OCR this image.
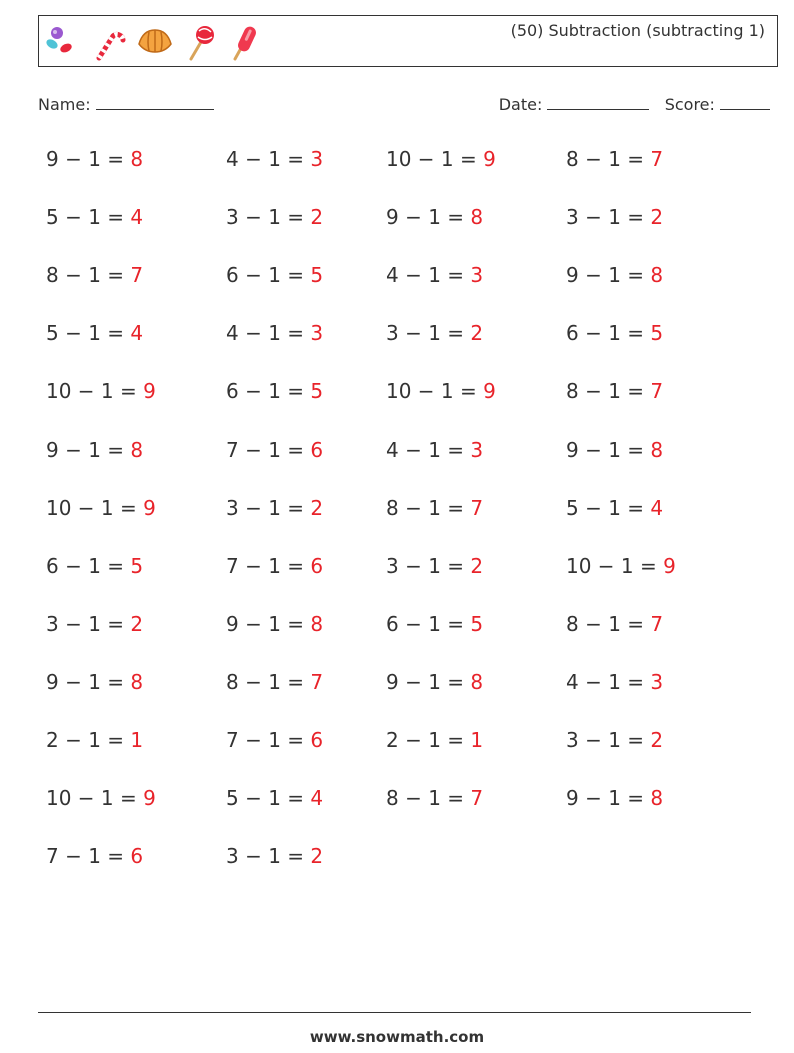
(50) Subtraction (subtracting 1)
Name:	Date:	Score:
9 − 1 = 8	4 − 1 = 3	10 − 1 = 9	8 − 1 = 7
5 − 1 = 4	3 − 1 = 2	9 − 1 = 8	3 − 1 = 2
8 − 1 = 7	6 − 1 = 5	4 − 1 = 3	9 − 1 = 8
5 − 1 = 4	4 − 1 = 3	3 − 1 = 2	6 − 1 = 5
10 − 1 = 9	6 − 1 = 5	10 − 1 = 9	8 − 1 = 7
9 − 1 = 8	7 − 1 = 6	4 − 1 = 3	9 − 1 = 8
10 − 1 = 9	3 − 1 = 2	8 − 1 = 7	5 − 1 = 4
6 − 1 = 5	7 − 1 = 6	3 − 1 = 2	10 − 1 = 9
3 − 1 = 2	9 − 1 = 8	6 − 1 = 5	8 − 1 = 7
9 − 1 = 8	8 − 1 = 7	9 − 1 = 8	4 − 1 = 3
2 − 1 = 1	7 − 1 = 6	2 − 1 = 1	3 − 1 = 2
10 − 1 = 9	5 − 1 = 4	8 − 1 = 7	9 − 1 = 8
7 − 1 = 6	3 − 1 = 2
www.snowmath.com
